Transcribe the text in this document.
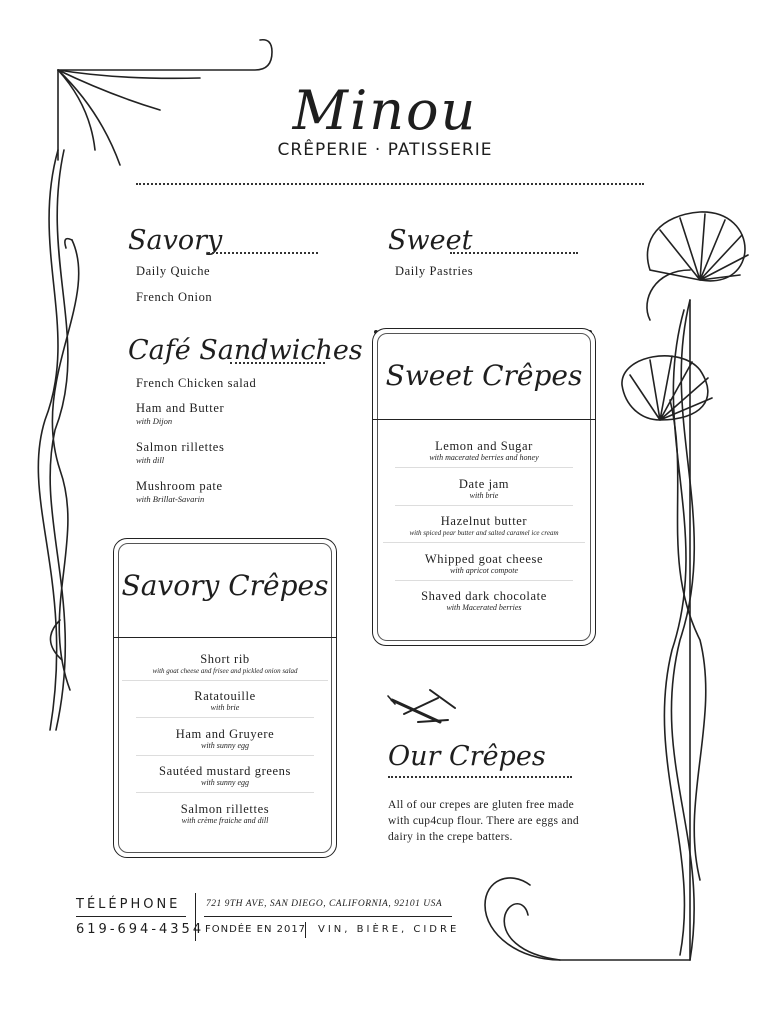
Minou
CRÊPERIE · PATISSERIE
Savory
Daily Quiche
French Onion
Sweet
Daily Pastries
Café Sandwiches
French Chicken salad
Ham and Butter
with Dijon
Salmon rillettes
with dill
Mushroom pate
with Brillat-Savarin
Sweet Crêpes
Lemon and Sugar
with macerated berries and honey
Date jam
with brie
Hazelnut butter
with spiced pear butter and salted caramel ice cream
Whipped goat cheese
with apricot compote
Shaved dark chocolate
with Macerated berries
Savory Crêpes
Short rib
with goat cheese and frisee and pickled onion salad
Ratatouille
with brie
Ham and Gruyere
with sunny egg
Sautéed mustard greens
with sunny egg
Salmon rillettes
with crème fraiche and dill
Our Crêpes
All of our crepes are gluten free made with cup4cup flour. There are eggs and dairy in the crepe batters.
TÉLÉPHONE
619-694-4354
721 9TH AVE, SAN DIEGO, CALIFORNIA, 92101 USA
FONDÉE EN 2017 VIN, BIÈRE, CIDRE
